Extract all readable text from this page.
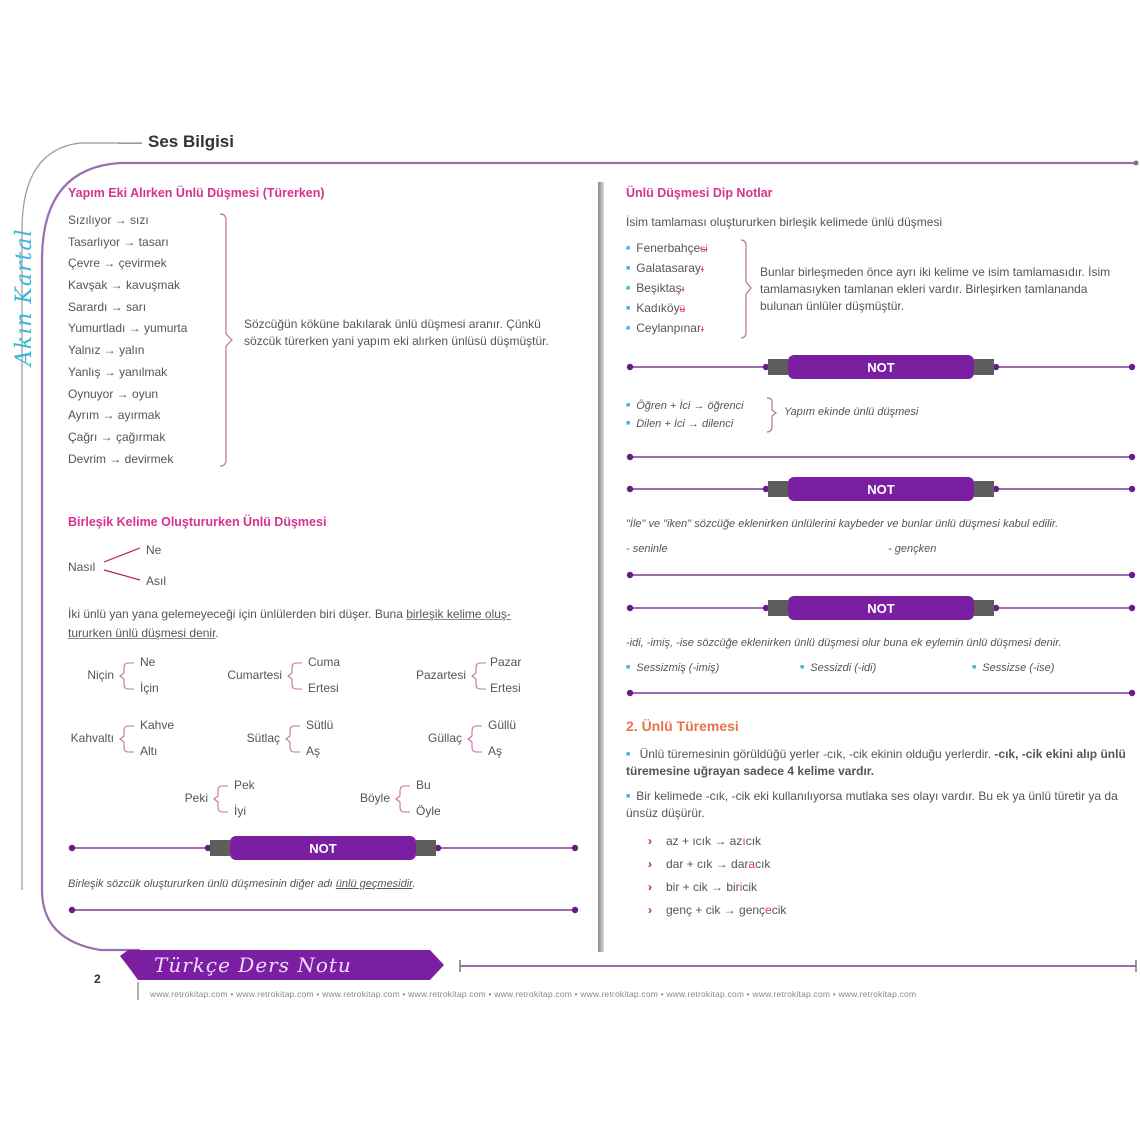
Ses Bilgisi
Akın Kartal
Yapım Eki Alırken Ünlü Düşmesi (Türerken)
Sızılıyor → sızı
Tasarlıyor → tasarı
Çevre → çevirmek
Kavşak → kavuşmak
Sarardı → sarı
Yumurtladı → yumurta
Yalnız → yalın
Yanlış → yanılmak
Oynuyor → oyun
Ayrım → ayırmak
Çağrı → çağırmak
Devrim → devirmek
Sözcüğün köküne bakılarak ünlü düşmesi aranır. Çünkü sözcük türerken yani yapım eki alırken ünlüsü düşmüştür.
Birleşik Kelime Oluştururken Ünlü Düşmesi
Nasıl
Ne
Asıl
İki ünlü yan yana gelemeyeceği için ünlülerden biri düşer. Buna birleşik kelime oluş-
tururken ünlü düşmesi denir.
Niçin
Ne
İçin
Cumartesi
Cuma
Ertesi
Pazartesi
Pazar
Ertesi
Kahvaltı
Kahve
Altı
Sütlaç
Sütlü
Aş
Güllaç
Güllü
Aş
Peki
Pek
İyi
Böyle
Bu
Öyle
Birleşik sözcük oluştururken ünlü düşmesinin diğer adı ünlü geçmesidir.
NOT
Ünlü Düşmesi Dip Notlar
İsim tamlaması oluştururken birleşik kelimede ünlü düşmesi
■ Fenerbahçesi
■ Galatasarayı
■ Beşiktaşı
■ Kadıköyü
■ Ceylanpınarı
Bunlar birleşmeden önce ayrı iki kelime ve isim tamlamasıdır. İsim tamlamasıyken tamlanan ekleri vardır. Birleşirken tamlananda bulunan ünlüler düşmüştür.
NOT
■ Öğren + İci → öğrenci
■ Dilen + İci → dilenci
Yapım ekinde ünlü düşmesi
NOT
"İle" ve "iken" sözcüğe eklenirken ünlülerini kaybeder ve bunlar ünlü düşmesi kabul edilir.
- seninle	- gençken
NOT
-idi, -imiş, -ise sözcüğe eklenirken ünlü düşmesi olur buna ek eylemin ünlü düşmesi denir.
■ Sessizmiş (-imiş)	■ Sessizdi (-idi)	■ Sessizse (-ise)
2. Ünlü Türemesi
■ Ünlü türemesinin görüldüğü yerler -cık, -cik ekinin olduğu yerlerdir. -cık, -cik ekini alıp ünlü türemesine uğrayan sadece 4 kelime vardır.
■ Bir kelimede -cık, -cik eki kullanılıyorsa mutlaka ses olayı vardır. Bu ek ya ünlü türetir ya da ünsüz düşürür.
› az + ıcık → azıcık
› dar + cık → daracık
› bir + cik → biricik
› genç + cik → gençecik
Türkçe Ders Notu
2
www.retrokitap.com • www.retrokitap.com • www.retrokitap.com • www.retrokitap.com • www.retrokitap.com • www.retrokitap.com • www.retrokitap.com • www.retrokitap.com • www.retrokitap.com
